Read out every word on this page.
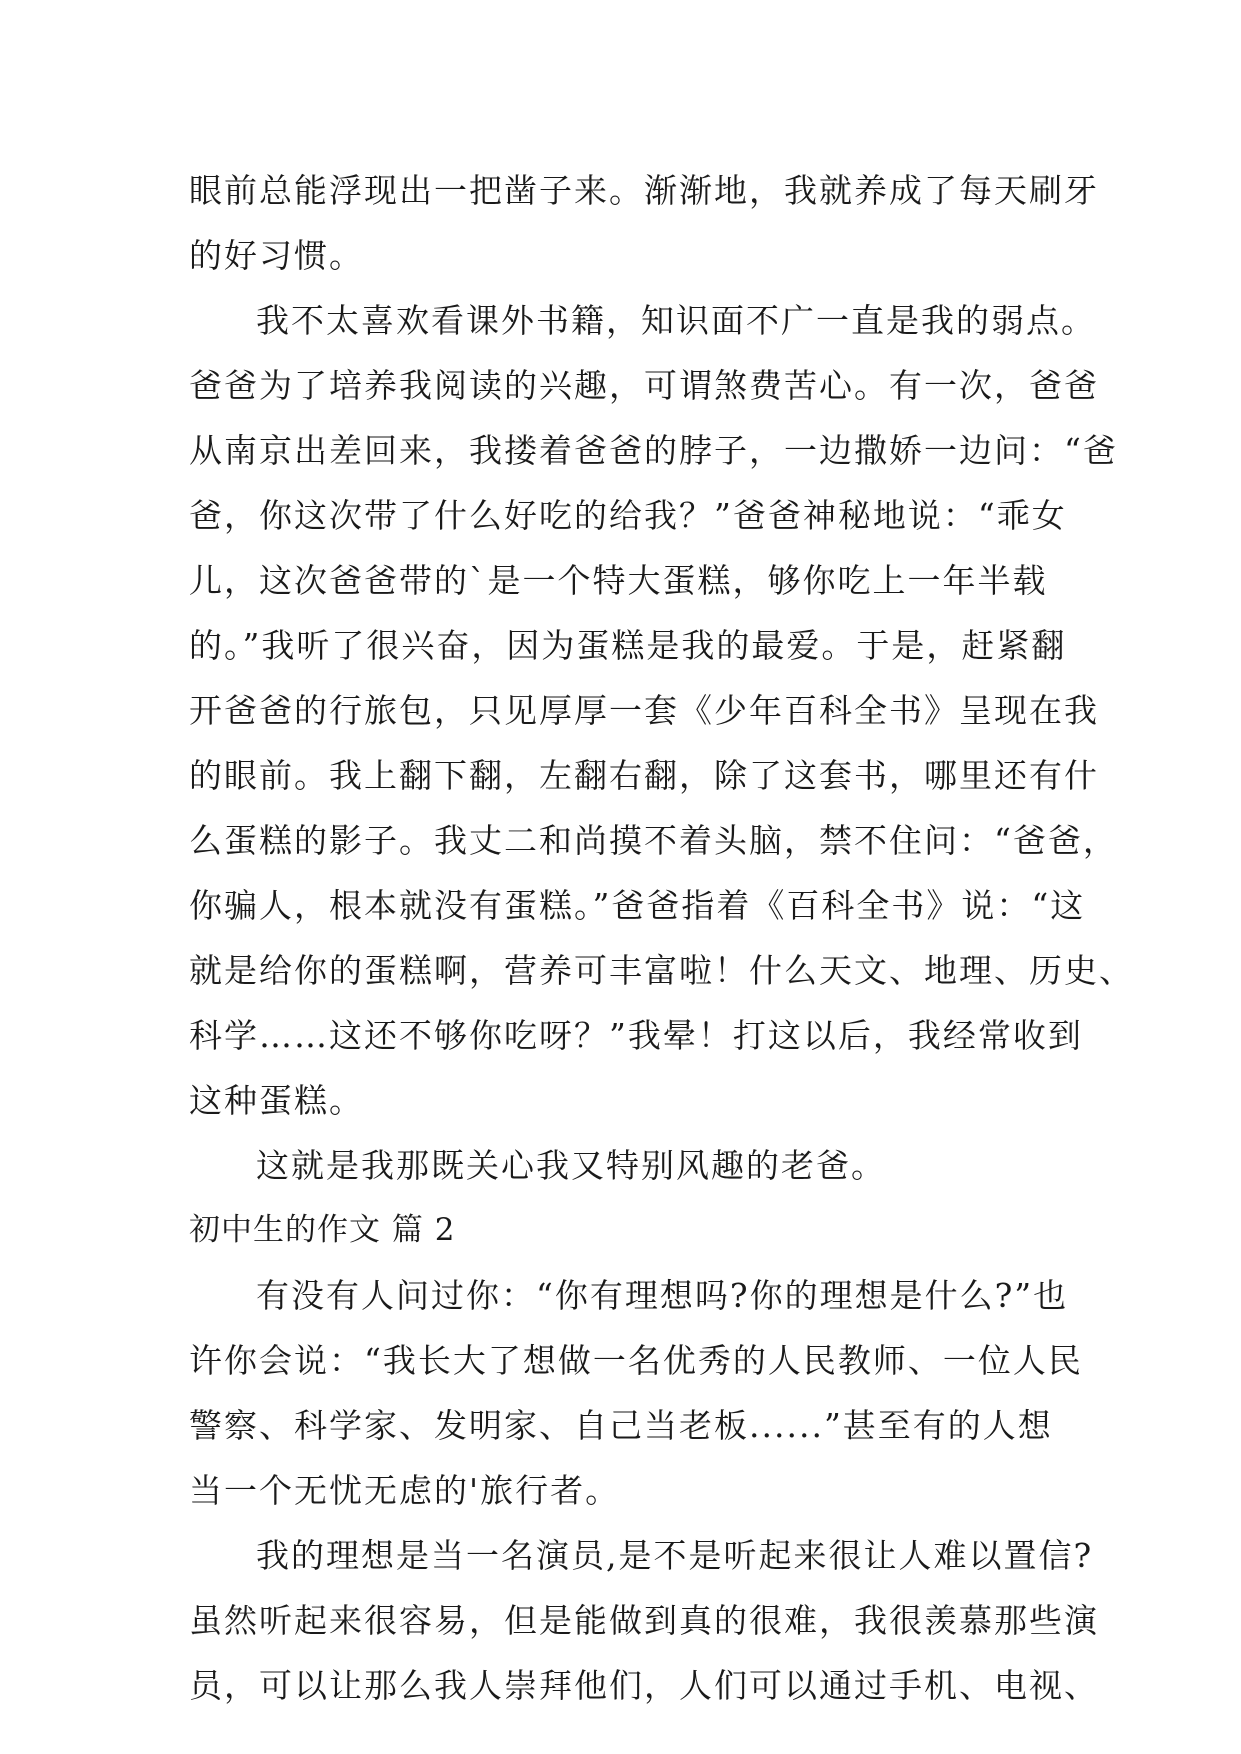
眼前总能浮现出一把凿子来。渐渐地，我就养成了每天刷牙
的好习惯。
我不太喜欢看课外书籍，知识面不广一直是我的弱点。
爸爸为了培养我阅读的兴趣，可谓煞费苦心。有一次，爸爸
从南京出差回来，我搂着爸爸的脖子，一边撒娇一边问：“爸
爸，你这次带了什么好吃的给我？”爸爸神秘地说：“乖女
儿，这次爸爸带的`是一个特大蛋糕，够你吃上一年半载
的。”我听了很兴奋，因为蛋糕是我的最爱。于是，赶紧翻
开爸爸的行旅包，只见厚厚一套《少年百科全书》呈现在我
的眼前。我上翻下翻，左翻右翻，除了这套书，哪里还有什
么蛋糕的影子。我丈二和尚摸不着头脑，禁不住问：“爸爸，
你骗人，根本就没有蛋糕。”爸爸指着《百科全书》说：“这
就是给你的蛋糕啊，营养可丰富啦！什么天文、地理、历史、
科学……这还不够你吃呀？”我晕！打这以后，我经常收到
这种蛋糕。
这就是我那既关心我又特别风趣的老爸。
初中生的作文 篇 2
有没有人问过你：“你有理想吗?你的理想是什么?”也
许你会说：“我长大了想做一名优秀的人民教师、一位人民
警察、科学家、发明家、自己当老板......”甚至有的人想
当一个无忧无虑的'旅行者。
我的理想是当一名演员,是不是听起来很让人难以置信?
虽然听起来很容易，但是能做到真的很难，我很羡慕那些演
员，可以让那么我人崇拜他们，人们可以通过手机、电视、
